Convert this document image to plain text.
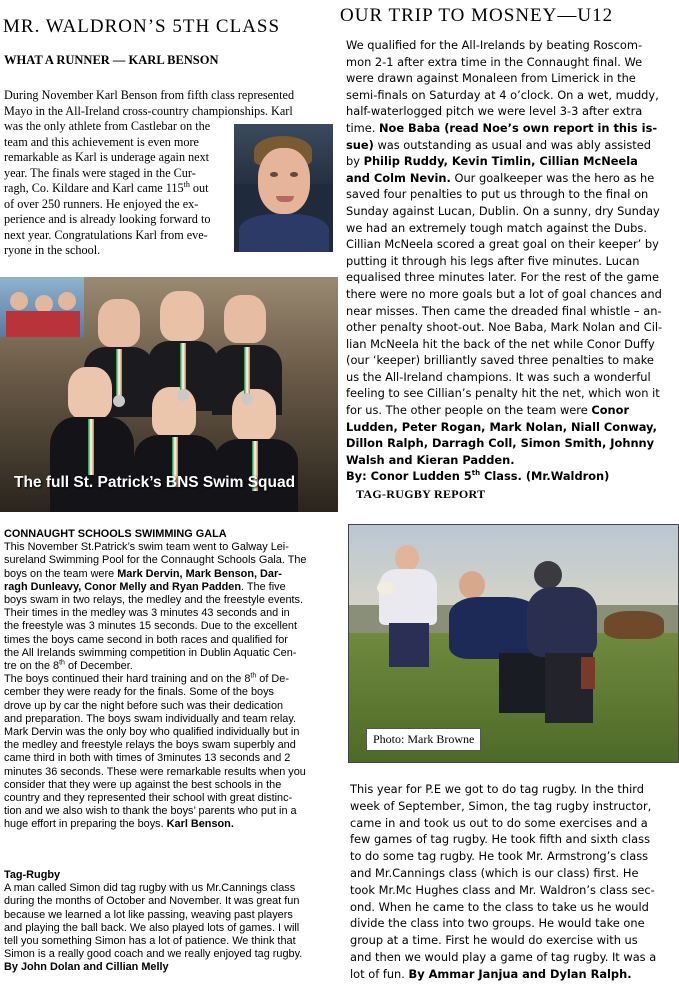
MR. WALDRON’S 5TH CLASS
WHAT A RUNNER — KARL BENSON

During November Karl Benson from fifth class represented

Mayo in the All-Ireland cross-country championships. Karl

was the only athlete from Castlebar on the

team and this achievement is even more

remarkable as Karl is underage again next

year. The finals were staged in the Cur-

ragh, Co. Kildare and Karl came 115th out

of over 250 runners. He enjoyed the ex-

perience and is already looking forward to

next year. Congratulations Karl from eve-

ryone in the school.

The full St. Patrick’s BNS Swim Squad

CONNAUGHT SCHOOLS SWIMMING GALA

This November St.Patrick’s swim team went to Galway Lei-

sureland Swimming Pool for the Connaught Schools Gala. The

boys on the team were Mark Dervin, Mark Benson, Dar-

ragh Dunleavy, Conor Melly and Ryan Padden. The five

boys swam in two relays, the medley and the freestyle events.

Their times in the medley was 3 minutes 43 seconds and in

the freestyle was 3 minutes 15 seconds. Due to the excellent

times the boys came second in both races and qualified for

the All Irelands swimming competition in Dublin Aquatic Cen-

tre on the 8th of December.

The boys continued their hard training and on the 8th of De-

cember they were ready for the finals. Some of the boys

drove up by car the night before such was their dedication

and preparation. The boys swam individually and team relay.

Mark Dervin was the only boy who qualified individually but in

the medley and freestyle relays the boys swam superbly and

came third in both with times of 3minutes 13 seconds and 2

minutes 36 seconds. These were remarkable results when you

consider that they were up against the best schools in the

country and they represented their school with great distinc-

tion and we also wish to thank the boys’ parents who put in a

huge effort in preparing the boys. Karl Benson.

Tag-Rugby

A man called Simon did tag rugby with us Mr.Cannings class

during the months of October and November. It was great fun

because we learned a lot like passing, weaving past players

and playing the ball back. We also played lots of games. I will

tell you something Simon has a lot of patience. We think that

Simon is a really good coach and we really enjoyed tag rugby.

By John Dolan and Cillian Melly

OUR TRIP TO MOSNEY—U12

We qualified for the All-Irelands by beating Roscom-

mon 2-1 after extra time in the Connaught final. We

were drawn against Monaleen from Limerick in the

semi-finals on Saturday at 4 o’clock. On a wet, muddy,

half-waterlogged pitch we were level 3-3 after extra

time. Noe Baba (read Noe’s own report in this is-

sue) was outstanding as usual and was ably assisted

by Philip Ruddy, Kevin Timlin, Cillian McNeela

and Colm Nevin. Our goalkeeper was the hero as he

saved four penalties to put us through to the final on

Sunday against Lucan, Dublin. On a sunny, dry Sunday

we had an extremely tough match against the Dubs.

Cillian McNeela scored a great goal on their keeper’ by

putting it through his legs after five minutes. Lucan

equalised three minutes later. For the rest of the game

there were no more goals but a lot of goal chances and

near misses. Then came the dreaded final whistle – an-

other penalty shoot-out. Noe Baba, Mark Nolan and Cil-

lian McNeela hit the back of the net while Conor Duffy

(our ‘keeper) brilliantly saved three penalties to make

us the All-Ireland champions. It was such a wonderful

feeling to see Cillian’s penalty hit the net, which won it

for us. The other people on the team were Conor

Ludden, Peter Rogan, Mark Nolan, Niall Conway,

Dillon Ralph, Darragh Coll, Simon Smith, Johnny

Walsh and Kieran Padden.

By: Conor Ludden 5th Class. (Mr.Waldron)

TAG-RUGBY REPORT
Photo: Mark Browne

This year for P.E we got to do tag rugby. In the third

week of September, Simon, the tag rugby instructor,

came in and took us out to do some exercises and a

few games of tag rugby. He took fifth and sixth class

to do some tag rugby. He took Mr. Armstrong’s class

and Mr.Cannings class (which is our class) first. He

took Mr.Mc Hughes class and Mr. Waldron’s class sec-

ond. When he came to the class to take us he would

divide the class into two groups. He would take one

group at a time. First he would do exercise with us

and then we would play a game of tag rugby. It was a

lot of fun. By Ammar Janjua and Dylan Ralph.
